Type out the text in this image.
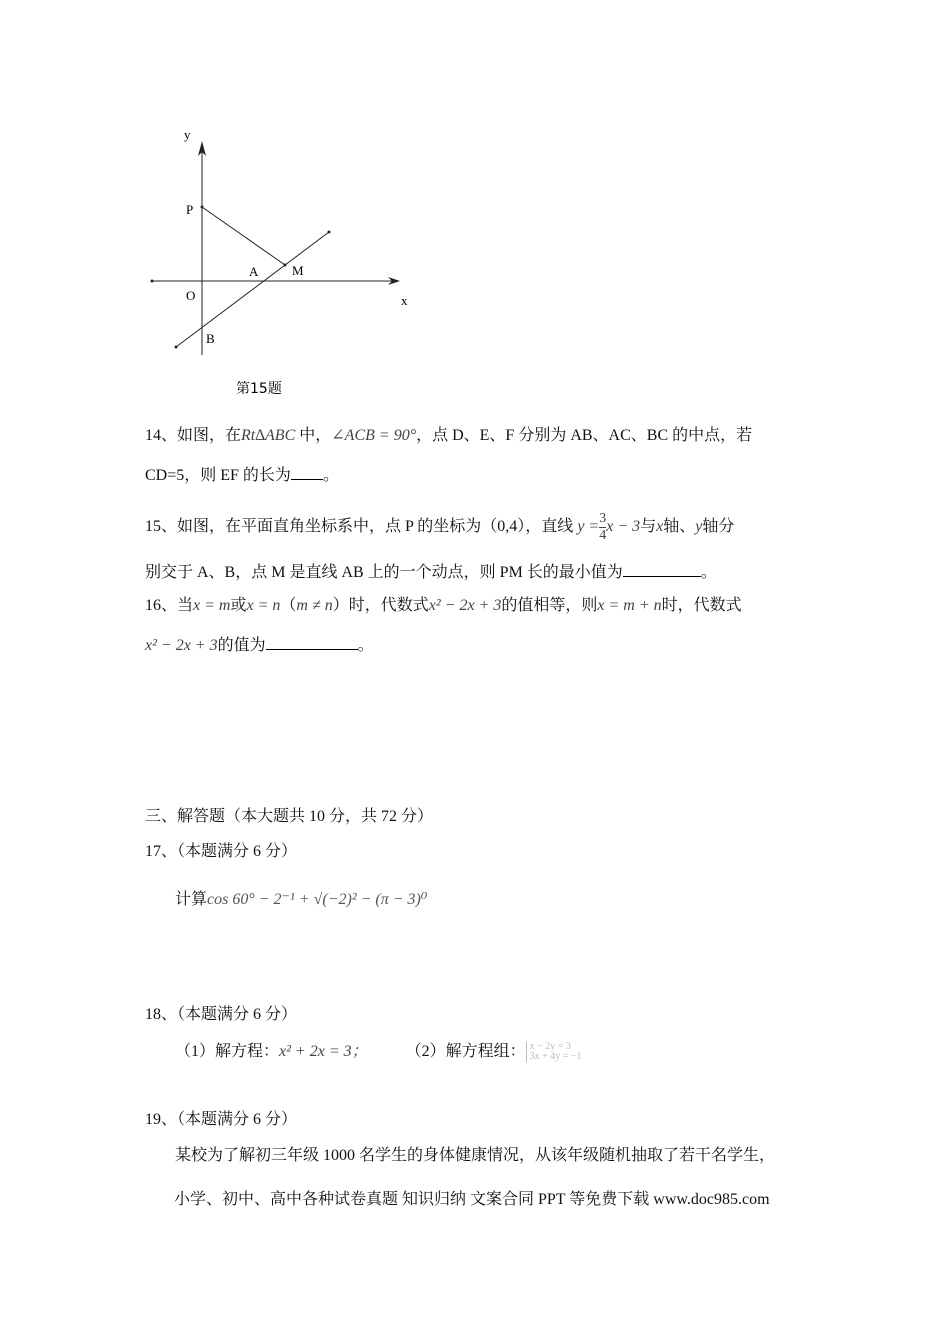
y
P
A	M
O	x
B
第15题
14、如图，在Rt∆ABC 中，∠ACB = 90°，点 D、E、F 分别为 AB、AC、BC 的中点，若
CD=5，则 EF 的长为 。
15、如图，在平面直角坐标系中，点 P 的坐标为（0,4），直线 $y = \frac{3}{4}$ x − 3与x轴、y轴分
别交于 A、B，点 M 是直线 AB 上的一个动点，则 PM 长的最小值为	。
16、当x = m或x = n（m ≠ n）时，代数式x² − 2x + 3的值相等，则x = m + n时，代数式
x² − 2x + 3的值为	。
三、解答题（本大题共 10 分，共 72 分）
17、（本题满分 6 分）
计算cos 60° − 2⁻¹ + √(−2)² − (π − 3)⁰
18、（本题满分 6 分）
（1）解方程：x² + 2x = 3； （2）解方程组： x − 2y = 3
3x + 4y = −1
19、（本题满分 6 分）
某校为了解初三年级 1000 名学生的身体健康情况，从该年级随机抽取了若干名学生，
小学、初中、高中各种试卷真题 知识归纳 文案合同 PPT 等免费下载 www.doc985.com
